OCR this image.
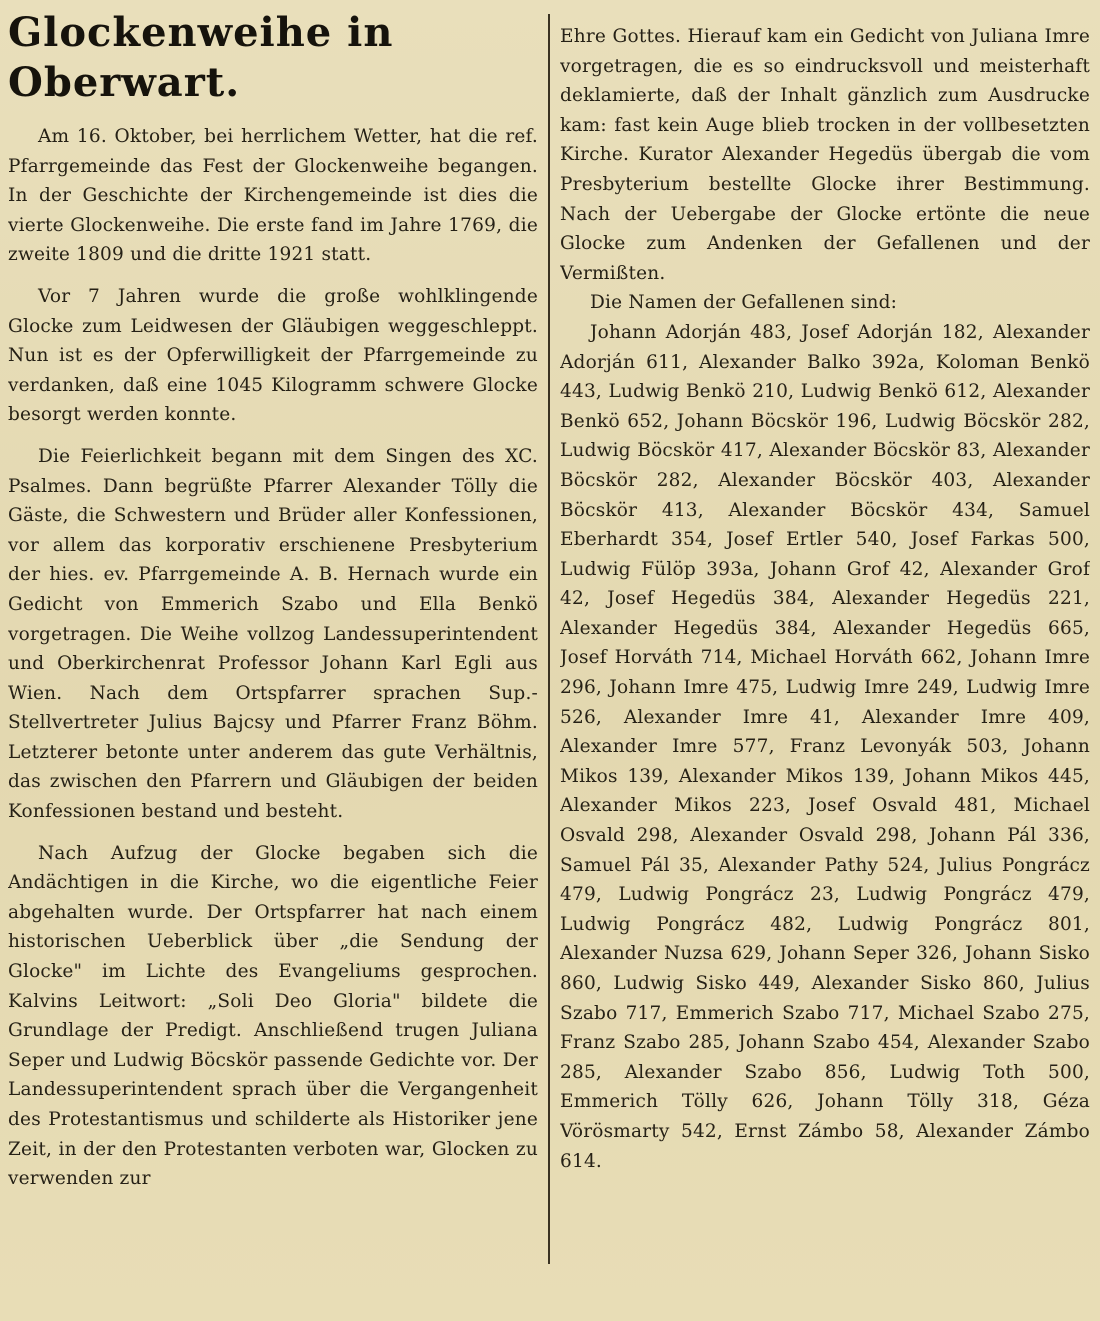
Glockenweihe in Oberwart.

Am 16. Oktober, bei herrlichem Wetter, hat die ref. Pfarrgemeinde das Fest der Glockenweihe begangen. In der Geschichte der Kirchengemeinde ist dies die vierte Glockenweihe. Die erste fand im Jahre 1769, die zweite 1809 und die dritte 1921 statt.

Vor 7 Jahren wurde die große wohlklingende Glocke zum Leidwesen der Gläubigen weggeschleppt. Nun ist es der Opferwilligkeit der Pfarrgemeinde zu verdanken, daß eine 1045 Kilogramm schwere Glocke besorgt werden konnte.

Die Feierlichkeit begann mit dem Singen des XC. Psalmes. Dann begrüßte Pfarrer Alexander Tölly die Gäste, die Schwestern und Brüder aller Konfessionen, vor allem das korporativ erschienene Presbyterium der hies. ev. Pfarrgemeinde A. B. Hernach wurde ein Gedicht von Emmerich Szabo und Ella Benkö vorgetragen. Die Weihe vollzog Landessuperintendent und Oberkirchenrat Professor Johann Karl Egli aus Wien. Nach dem Ortspfarrer sprachen Sup.-Stellvertreter Julius Bajcsy und Pfarrer Franz Böhm. Letzterer betonte unter anderem das gute Verhältnis, das zwischen den Pfarrern und Gläubigen der beiden Konfessionen bestand und besteht.

Nach Aufzug der Glocke begaben sich die Andächtigen in die Kirche, wo die eigentliche Feier abgehalten wurde. Der Ortspfarrer hat nach einem historischen Ueberblick über „die Sendung der Glocke" im Lichte des Evangeliums gesprochen. Kalvins Leitwort: „Soli Deo Gloria" bildete die Grundlage der Predigt. Anschließend trugen Juliana Seper und Ludwig Böcskör passende Gedichte vor. Der Landessuperintendent sprach über die Vergangenheit des Protestantismus und schilderte als Historiker jene Zeit, in der den Protestanten verboten war, Glocken zu verwenden zur

Ehre Gottes. Hierauf kam ein Gedicht von Juliana Imre vorgetragen, die es so eindrucksvoll und meisterhaft deklamierte, daß der Inhalt gänzlich zum Ausdrucke kam: fast kein Auge blieb trocken in der vollbesetzten Kirche. Kurator Alexander Hegedüs übergab die vom Presbyterium bestellte Glocke ihrer Bestimmung. Nach der Uebergabe der Glocke ertönte die neue Glocke zum Andenken der Gefallenen und der Vermißten.

Die Namen der Gefallenen sind:

Johann Adorján 483, Josef Adorján 182, Alexander Adorján 611, Alexander Balko 392a, Koloman Benkö 443, Ludwig Benkö 210, Ludwig Benkö 612, Alexander Benkö 652, Johann Böcskör 196, Ludwig Böcskör 282, Ludwig Böcskör 417, Alexander Böcskör 83, Alexander Böcskör 282, Alexander Böcskör 403, Alexander Böcskör 413, Alexander Böcskör 434, Samuel Eberhardt 354, Josef Ertler 540, Josef Farkas 500, Ludwig Fülöp 393a, Johann Grof 42, Alexander Grof 42, Josef Hegedüs 384, Alexander Hegedüs 221, Alexander Hegedüs 384, Alexander Hegedüs 665, Josef Horváth 714, Michael Horváth 662, Johann Imre 296, Johann Imre 475, Ludwig Imre 249, Ludwig Imre 526, Alexander Imre 41, Alexander Imre 409, Alexander Imre 577, Franz Levonyák 503, Johann Mikos 139, Alexander Mikos 139, Johann Mikos 445, Alexander Mikos 223, Josef Osvald 481, Michael Osvald 298, Alexander Osvald 298, Johann Pál 336, Samuel Pál 35, Alexander Pathy 524, Julius Pongrácz 479, Ludwig Pongrácz 23, Ludwig Pongrácz 479, Ludwig Pongrácz 482, Ludwig Pongrácz 801, Alexander Nuzsa 629, Johann Seper 326, Johann Sisko 860, Ludwig Sisko 449, Alexander Sisko 860, Julius Szabo 717, Emmerich Szabo 717, Michael Szabo 275, Franz Szabo 285, Johann Szabo 454, Alexander Szabo 285, Alexander Szabo 856, Ludwig Toth 500, Emmerich Tölly 626, Johann Tölly 318, Géza Vörösmarty 542, Ernst Zámbo 58, Alexander Zámbo 614.
